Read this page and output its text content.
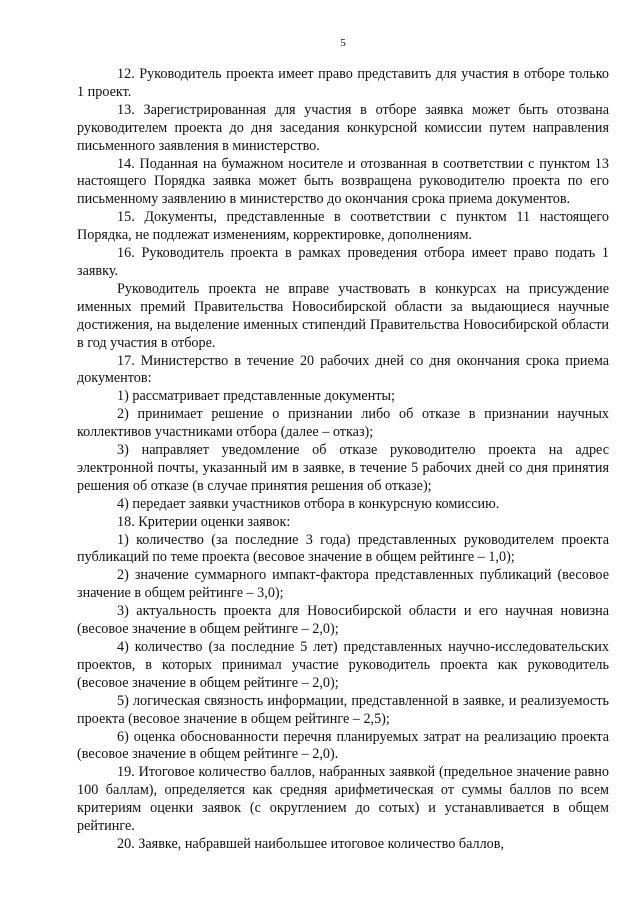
5

12. Руководитель проекта имеет право представить для участия в отборе только 1 проект.

13. Зарегистрированная для участия в отборе заявка может быть отозвана руководителем проекта до дня заседания конкурсной комиссии путем направления письменного заявления в министерство.

14. Поданная на бумажном носителе и отозванная в соответствии с пунктом 13 настоящего Порядка заявка может быть возвращена руководителю проекта по его письменному заявлению в министерство до окончания срока приема документов.

15. Документы, представленные в соответствии с пунктом 11 настоящего Порядка, не подлежат изменениям, корректировке, дополнениям.

16. Руководитель проекта в рамках проведения отбора имеет право подать 1 заявку.

Руководитель проекта не вправе участвовать в конкурсах на присуждение именных премий Правительства Новосибирской области за выдающиеся научные достижения, на выделение именных стипендий Правительства Новосибирской области в год участия в отборе.

17. Министерство в течение 20 рабочих дней со дня окончания срока приема документов:

1) рассматривает представленные документы;

2) принимает решение о признании либо об отказе в признании научных коллективов участниками отбора (далее – отказ);

3) направляет уведомление об отказе руководителю проекта на адрес электронной почты, указанный им в заявке, в течение 5 рабочих дней со дня принятия решения об отказе (в случае принятия решения об отказе);

4) передает заявки участников отбора в конкурсную комиссию.

18. Критерии оценки заявок:

1) количество (за последние 3 года) представленных руководителем проекта публикаций по теме проекта (весовое значение в общем рейтинге – 1,0);

2) значение суммарного импакт-фактора представленных публикаций (весовое значение в общем рейтинге – 3,0);

3) актуальность проекта для Новосибирской области и его научная новизна (весовое значение в общем рейтинге – 2,0);

4) количество (за последние 5 лет) представленных научно-исследовательских проектов, в которых принимал участие руководитель проекта как руководитель (весовое значение в общем рейтинге – 2,0);

5) логическая связность информации, представленной в заявке, и реализуемость проекта (весовое значение в общем рейтинге – 2,5);

6) оценка обоснованности перечня планируемых затрат на реализацию проекта (весовое значение в общем рейтинге – 2,0).

19. Итоговое количество баллов, набранных заявкой (предельное значение равно 100 баллам), определяется как средняя арифметическая от суммы баллов по всем критериям оценки заявок (с округлением до сотых) и устанавливается в общем рейтинге.

20. Заявке, набравшей наибольшее итоговое количество баллов,
